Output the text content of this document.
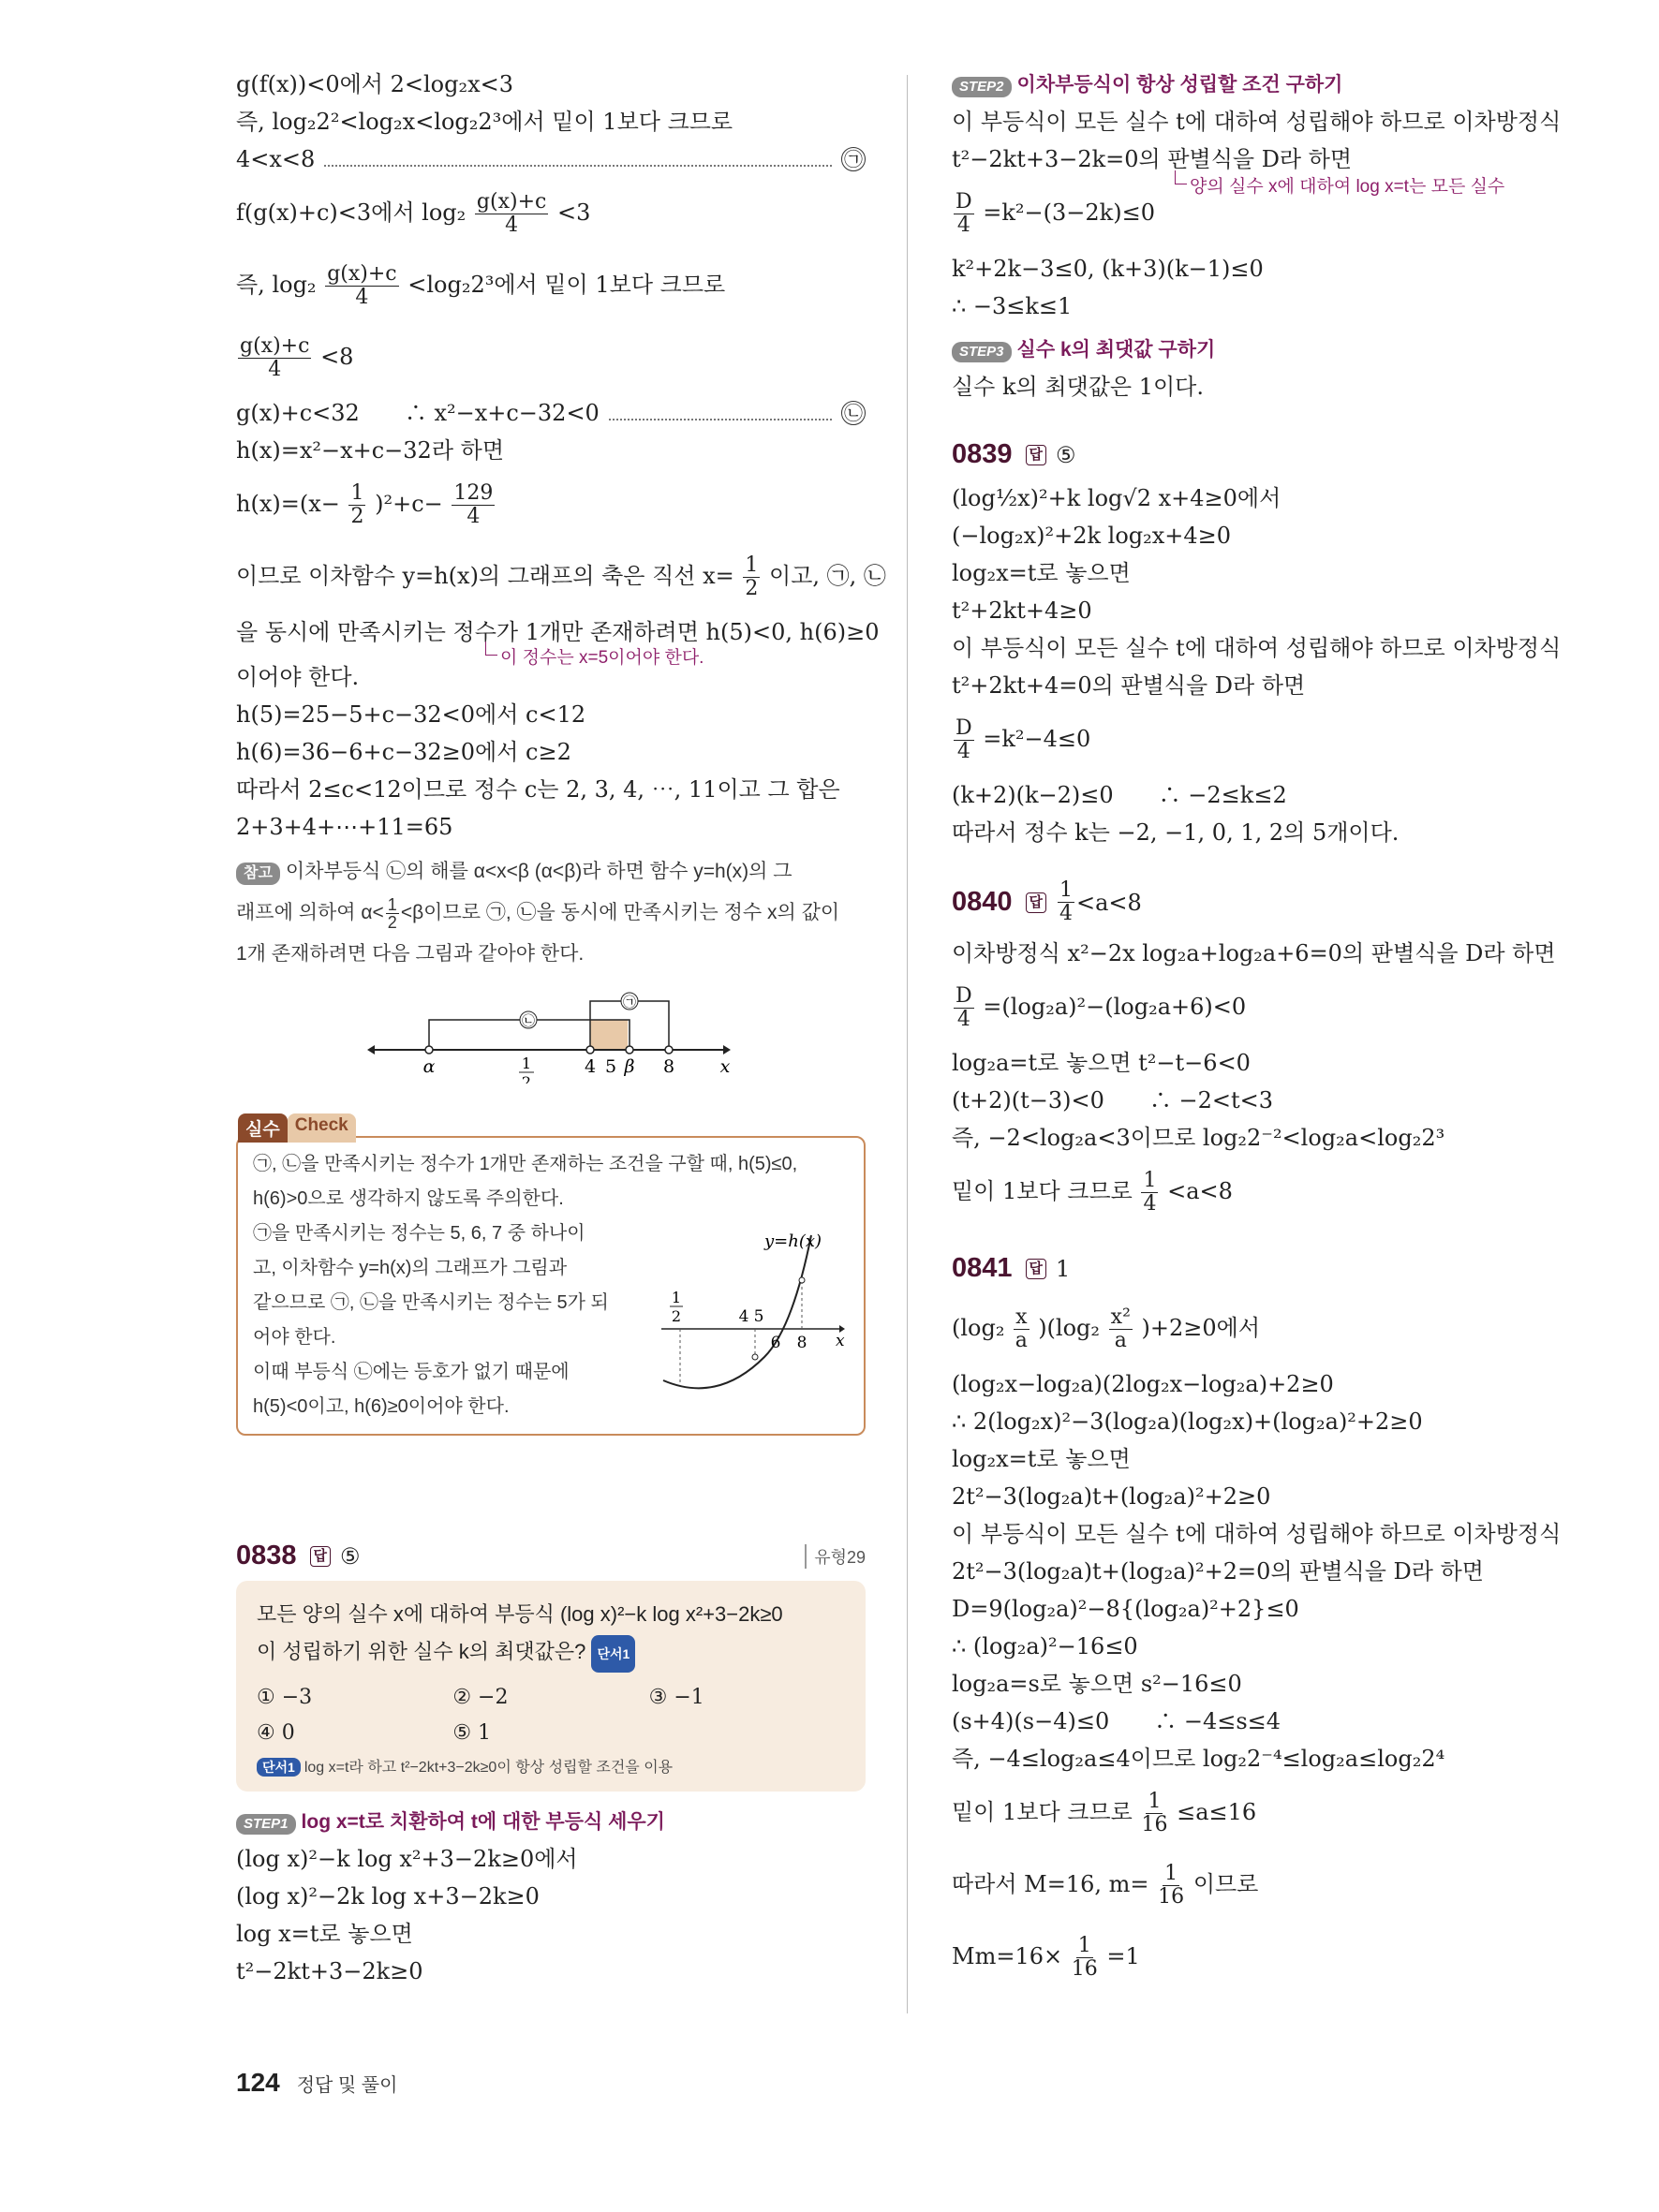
g(f(x))<0에서 2<log₂x<3

즉, log₂2²<log₂x<log₂2³에서 밑이 1보다 크므로

4<x<8	㉠

f(g(x)+c)<3에서 $\log_2 \frac{g(x)+c}{4} <3$

즉, $\log_2 \frac{g(x)+c}{4} <\log_22^3$에서 밑이 1보다 크므로

$\frac{g(x)+c}{4} <8$

g(x)+c<32　　∴ x²−x+c−32<0	㉡

h(x)=x²−x+c−32라 하면

$h(x)=(x- \frac{1}{2} )^2+c- \frac{129}{4}$

이므로 이차함수 y=h(x)의 그래프의 축은 직선 $x= \frac{1}{2}$ 이고, ㉠, ㉡

을 동시에 만족시키는 정수가 1개만 존재하려면 h(5)<0, h(6)≥0

이 정수는 x=5이어야 한다.

이어야 한다.

h(5)=25−5+c−32<0에서 c<12

h(6)=36−6+c−32≥0에서 c≥2

따라서 2≤c<12이므로 정수 c는 2, 3, 4, ⋯, 11이고 그 합은

2+3+4+⋯+11=65

참고 이차부등식 ㉡의 해를 α<x<β (α<β)라 하면 함수 y=h(x)의 그
래프에 의하여 $\alpha< \frac{1}{2} <\beta$이므로 ㉠, ㉡을 동시에 만족시키는 정수 x의 값이
1개 존재하려면 다음 그림과 같아야 한다.

㉡
㉠
α	1
2
4 5 β 8	x
실수 Check

㉠, ㉡을 만족시키는 정수가 1개만 존재하는 조건을 구할 때, h(5)≤0,

h(6)>0으로 생각하지 않도록 주의한다.

㉠을 만족시키는 정수는 5, 6, 7 중 하나이

고, 이차함수 y=h(x)의 그래프가 그림과

같으므로 ㉠, ㉡을 만족시키는 정수는 5가 되

어야 한다.

이때 부등식 ㉡에는 등호가 없기 때문에

h(5)<0이고, h(6)≥0이어야 한다.

y=h(x)
1
2	4 5
6 8 x
0838 답 ⑤	유형29

모든 양의 실수 x에 대하여 부등식 (log x)²−k log x²+3−2k≥0

이 성립하기 위한 실수 k의 최댓값은? 단서1

① −3	② −2	③ −1
④ 0	⑤ 1
단서1 log x=t라 하고 t²−2kt+3−2k≥0이 항상 성립할 조건을 이용
STEP1 log x=t로 치환하여 t에 대한 부등식 세우기

(log x)²−k log x²+3−2k≥0에서

(log x)²−2k log x+3−2k≥0

log x=t로 놓으면

t²−2kt+3−2k≥0

STEP2 이차부등식이 항상 성립할 조건 구하기

이 부등식이 모든 실수 t에 대하여 성립해야 하므로 이차방정식

t²−2kt+3−2k=0의 판별식을 D라 하면

양의 실수 x에 대하여 log x=t는 모든 실수

$\frac{D}{4} =k^2-(3-2k)\le 0$

k²+2k−3≤0, (k+3)(k−1)≤0

∴ −3≤k≤1

STEP3 실수 k의 최댓값 구하기

실수 k의 최댓값은 1이다.

0839 답 ⑤

(log½x)²+k log√2 x+4≥0에서

(−log₂x)²+2k log₂x+4≥0

log₂x=t로 놓으면

t²+2kt+4≥0

이 부등식이 모든 실수 t에 대하여 성립해야 하므로 이차방정식

t²+2kt+4=0의 판별식을 D라 하면

$\frac{D}{4} =k^2-4\le 0$

(k+2)(k−2)≤0　　∴ −2≤k≤2

따라서 정수 k는 −2, −1, 0, 1, 2의 5개이다.

0840 답 $\frac{1}{4} <a<8$

이차방정식 x²−2x log₂a+log₂a+6=0의 판별식을 D라 하면

$\frac{D}{4} =(\log_2a)^2-(\log_2a+6)<0$

log₂a=t로 놓으면 t²−t−6<0

(t+2)(t−3)<0　　∴ −2<t<3

즉, −2<log₂a<3이므로 log₂2⁻²<log₂a<log₂2³

밑이 1보다 크므로 $\frac{1}{4} <a<8$

0841 답 1

$(\log_2 \frac{x}{a} )(\log_2 \frac{\text{x²}}{a} )+2\ge 0$에서

(log₂x−log₂a)(2log₂x−log₂a)+2≥0

∴ 2(log₂x)²−3(log₂a)(log₂x)+(log₂a)²+2≥0

log₂x=t로 놓으면

2t²−3(log₂a)t+(log₂a)²+2≥0

이 부등식이 모든 실수 t에 대하여 성립해야 하므로 이차방정식

2t²−3(log₂a)t+(log₂a)²+2=0의 판별식을 D라 하면

D=9(log₂a)²−8{(log₂a)²+2}≤0

∴ (log₂a)²−16≤0

log₂a=s로 놓으면 s²−16≤0

(s+4)(s−4)≤0　　∴ −4≤s≤4

즉, −4≤log₂a≤4이므로 log₂2⁻⁴≤log₂a≤log₂2⁴

밑이 1보다 크므로 $\frac{1}{16} \le a\le 16$

따라서 M=16, $m= \frac{1}{16}$ 이므로

$Mm=16\times \frac{1}{16} =1$

124 정답 및 풀이
